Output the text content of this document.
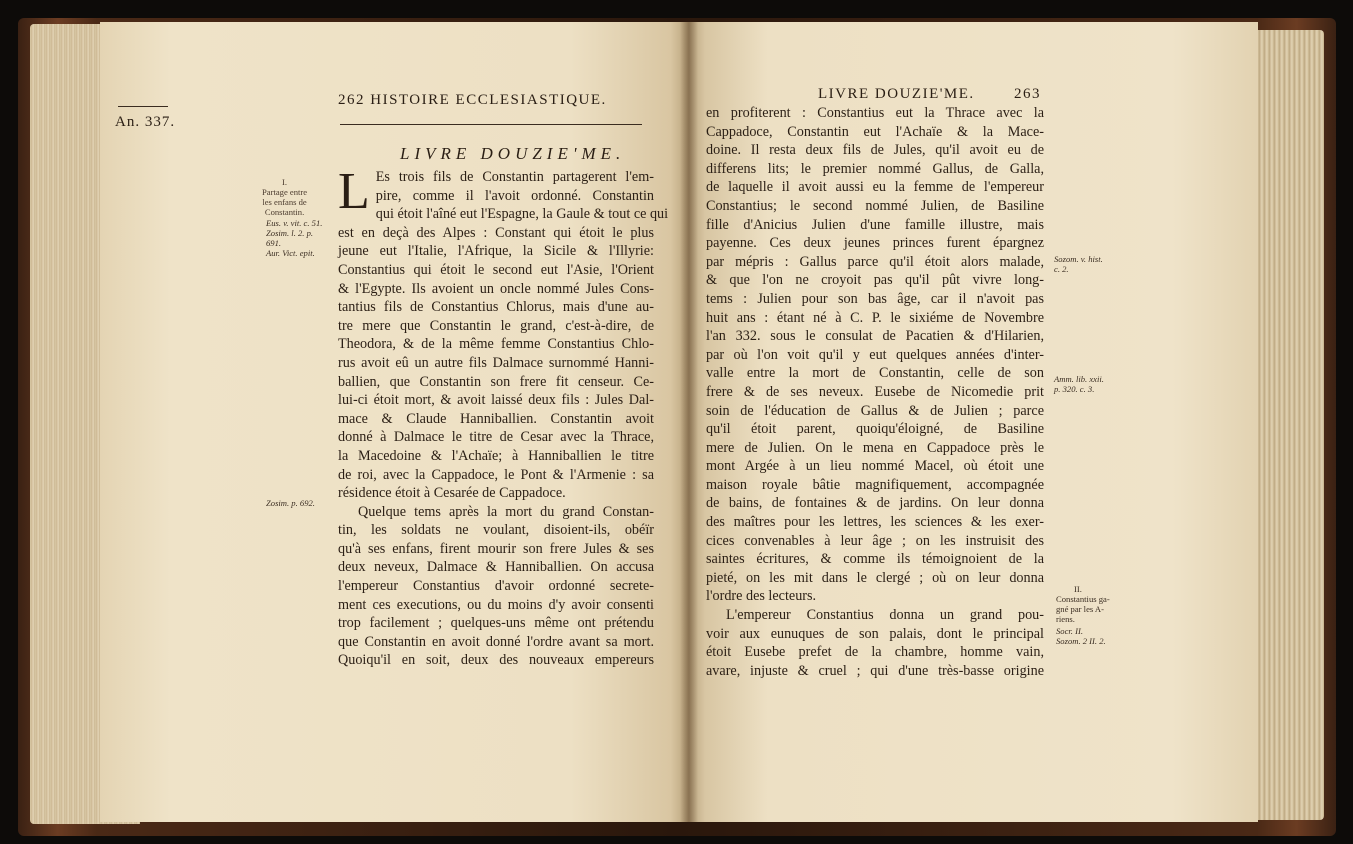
262 HISTOIRE ECCLESIASTIQUE.
An. 337.
LIVRE DOUZIE'ME.
I.
Partage entre
les enfans de
Constantin.
Eus. v. vit. c. 51.
Zosim. l. 2. p.
691.
Aur. Vict. epit.
Zosim. p. 692.
L Es trois fils de Constantin partagerent l'em-
pire, comme il l'avoit ordonné. Constantin
qui étoit l'aîné eut l'Espagne, la Gaule & tout ce qui
est en deçà des Alpes : Constant qui étoit le plus
jeune eut l'Italie, l'Afrique, la Sicile & l'Illyrie:
Constantius qui étoit le second eut l'Asie, l'Orient
& l'Egypte. Ils avoient un oncle nommé Jules Cons-
tantius fils de Constantius Chlorus, mais d'une au-
tre mere que Constantin le grand, c'est-à-dire, de
Theodora, & de la même femme Constantius Chlo-
rus avoit eû un autre fils Dalmace surnommé Hanni-
ballien, que Constantin son frere fit censeur. Ce-
lui-ci étoit mort, & avoit laissé deux fils : Jules Dal-
mace & Claude Hanniballien. Constantin avoit
donné à Dalmace le titre de Cesar avec la Thrace,
la Macedoine & l'Achaïe; à Hanniballien le titre
de roi, avec la Cappadoce, le Pont & l'Armenie : sa
résidence étoit à Cesarée de Cappadoce.
Quelque tems après la mort du grand Constan-
tin, les soldats ne voulant, disoient-ils, obéïr
qu'à ses enfans, firent mourir son frere Jules & ses
deux neveux, Dalmace & Hanniballien. On accusa
l'empereur Constantius d'avoir ordonné secrete-
ment ces executions, ou du moins d'y avoir consenti
trop facilement ; quelques-uns même ont prétendu
que Constantin en avoit donné l'ordre avant sa mort.
Quoiqu'il en soit, deux des nouveaux empereurs
LIVRE DOUZIE'ME.	263
en profiterent : Constantius eut la Thrace avec la
Cappadoce, Constantin eut l'Achaïe & la Mace-
doine. Il resta deux fils de Jules, qu'il avoit eu de
differens lits; le premier nommé Gallus, de Galla,
de laquelle il avoit aussi eu la femme de l'empereur
Constantius; le second nommé Julien, de Basiline
fille d'Anicius Julien d'une famille illustre, mais
payenne. Ces deux jeunes princes furent épargnez
par mépris : Gallus parce qu'il étoit alors malade,
& que l'on ne croyoit pas qu'il pût vivre long-
tems : Julien pour son bas âge, car il n'avoit pas
huit ans : étant né à C. P. le sixiéme de Novembre
l'an 332. sous le consulat de Pacatien & d'Hilarien,
par où l'on voit qu'il y eut quelques années d'inter-
valle entre la mort de Constantin, celle de son
frere & de ses neveux. Eusebe de Nicomedie prit
soin de l'éducation de Gallus & de Julien ; parce
qu'il étoit parent, quoiqu'éloigné, de Basiline
mere de Julien. On le mena en Cappadoce près le
mont Argée à un lieu nommé Macel, où étoit une
maison royale bâtie magnifiquement, accompagnée
de bains, de fontaines & de jardins. On leur donna
des maîtres pour les lettres, les sciences & les exer-
cices convenables à leur âge ; on les instruisit des
saintes écritures, & comme ils témoignoient de la
pieté, on les mit dans le clergé ; où on leur donna
l'ordre des lecteurs.
L'empereur Constantius donna un grand pou-
voir aux eunuques de son palais, dont le principal
étoit Eusebe prefet de la chambre, homme vain,
avare, injuste & cruel ; qui d'une très-basse origine
Sozom. v. hist.
c. 2.
Amm. lib. xxii.
p. 320. c. 3.
II.
Constantius ga-
gné par les A-
riens.
Socr. II.
Sozom. 2 II. 2.
